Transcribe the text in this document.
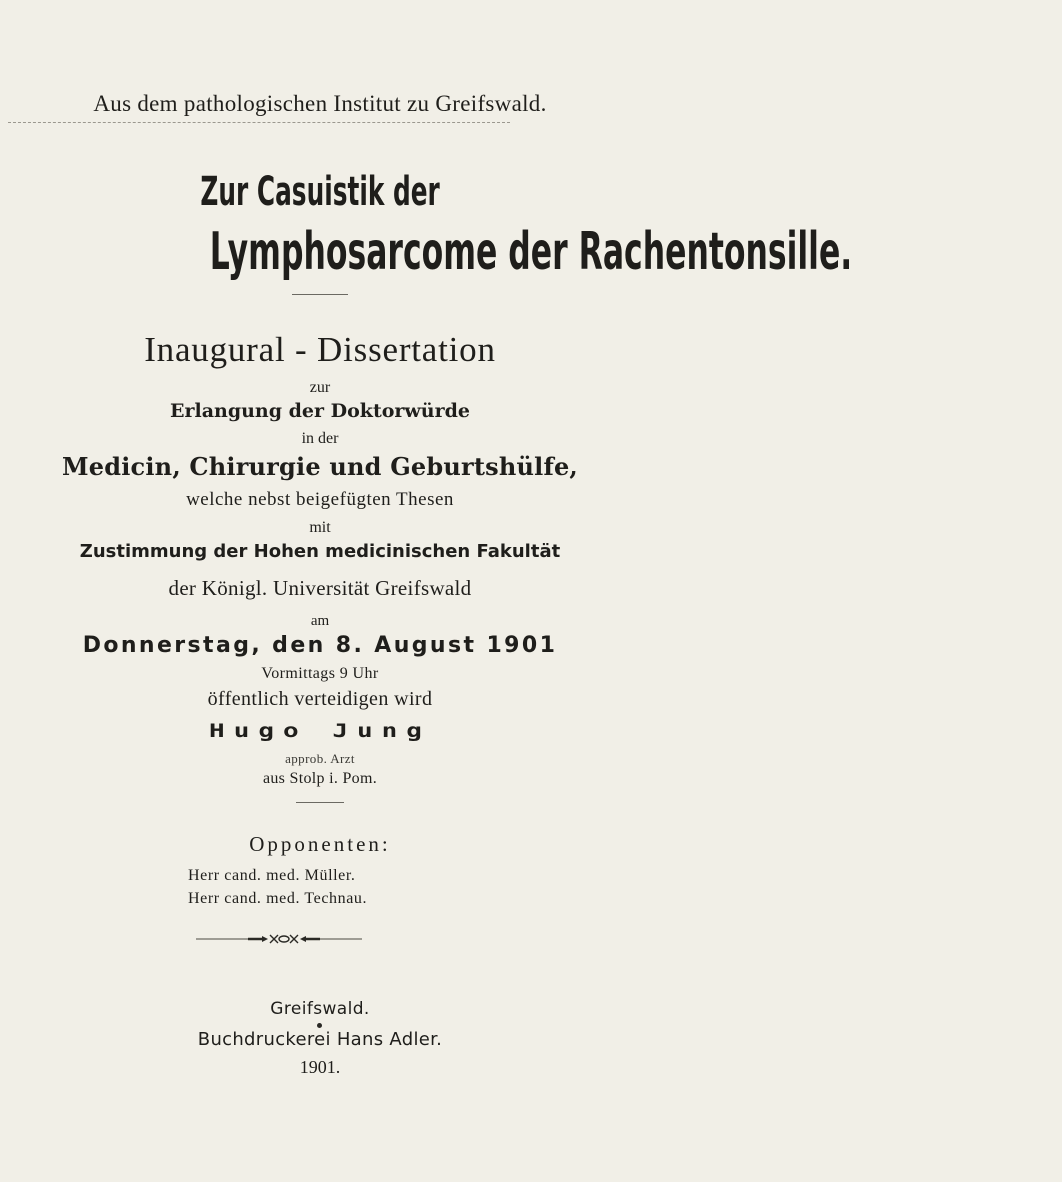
Aus dem pathologischen Institut zu Greifswald.
Zur Casuistik der
Lymphosarcome der Rachentonsille.
Inaugural - Dissertation
zur
Erlangung der Doktorwürde
in der
Medicin, Chirurgie und Geburtshülfe,
welche nebst beigefügten Thesen
mit
Zustimmung der Hohen medicinischen Fakultät
der Königl. Universität Greifswald
am
Donnerstag, den 8. August 1901
Vormittags 9 Uhr
öffentlich verteidigen wird
Hugo Jung
approb. Arzt
aus Stolp i. Pom.
Opponenten:
Herr cand. med. Müller.
Herr cand. med. Technau.
Greifswald.
Buchdruckerei Hans Adler.
1901.
